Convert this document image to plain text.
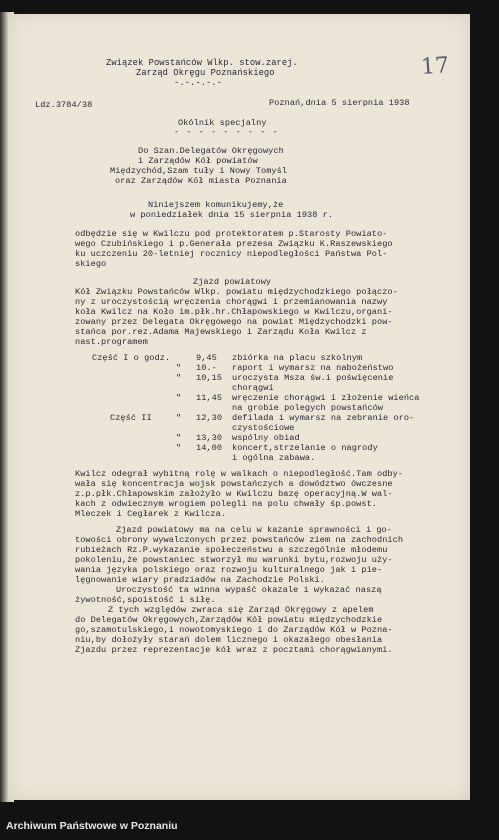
Związek Powstańców Wlkp. stow.zarej.
Zarząd Okręgu Poznańskiego
-.-.-.-.-
17
Ldz.3784/38	Poznań,dnia 5 sierpnia 1938
Okólnik specjalny
- - - - - - - - -
Do Szan.Delegatów Okręgowych
i Zarządów Kół powiatów
Międzychód,Szam tuły i Nowy Tomyśl
oraz Zarządów Kół miasta Poznania
Niniejszem komunikujemy,że
w poniedziałek dnia 15 sierpnia 1938 r.
odbędzie się w Kwilczu pod protektoratem p.Starosty Powiato-
wego Czubińskiego i p.Generała prezesa Związku K.Raszewskiego
ku uczczeniu 20-letniej rocznicy niepodległości Państwa Pol-
skiego
Zjazd powiatowy
Kół Związku Powstańców Wlkp. powiatu międzychodzkiego połączo-
ny z uroczystością wręczenia chorągwi i przemianowania nazwy
koła Kwilcz na Koło im.płk.hr.Chłapowskiego w Kwilczu,organi-
zowany przez Delegata Okręgowego na powiat Międzychodzki pow-
stańca por.rez.Adama Majewskiego i Zarządu Koła Kwilcz z
nast.programem
Część I o godz.
Część II
9,45 zbiórka na placu szkolnym
" 10.- raport i wymarsz na nabożeństwo
" 10,15 uroczysta Msza św.i poświęcenie
chorągwi
" 11,45 wręczenie chorągwi i złożenie wieńca
na grobie polegych powstańców
" 12,30 defilada i wymarsz na zebranie oro-
czystościowe
" 13,30 wspólny obiad
" 14,00 koncert,strzelanie o nagrody
i ogólna zabawa.
Kwilcz odegrał wybitną rolę w walkach o niepodległość.Tam odby-
wała się koncentracja wojsk powstańczych a dowództwo ówczesne
z.p.płk.Chłapowskim założyło w Kwilczu bazę operacyjną.W wal-
kach z odwiecznym wrogiem polegli na polu chwały śp.powst.
Mleczek i Cegłarek z Kwilcza.
Zjazd powiatowy ma na celu w kazanie sprawności i go-
towości obrony wywalczonych przez powstańców ziem na zachodnich
rubieżach Rz.P.wykazanie społeczeństwu a szczególnie młodemu
pokoleniu,że powstaniec stworzył mu warunki bytu,rozwoju uży-
wania języka polskiego oraz rozwoju kulturalnego jak i pie-
lęgnowanie wiary pradziadów na Zachodzie Polski.
Uroczystość ta winna wypaść okazale i wykazać naszą
żywotność,spoistość i siłę.
Z tych względów zwraca się Zarząd Okręgowy z apelem
do Delegatów Okręgowych,Zarządów Kół powiatu międzychodzkie
go,szamotulskiego,i nowotomyskiego i do Zarządów Kół w Pozna-
niu,by dołożyły starań dolem licznego i okazałego obesłania
Zjazdu przez reprezentacje kół wraz z pocztami chorągwianymi.
Archiwum Państwowe w Poznaniu
